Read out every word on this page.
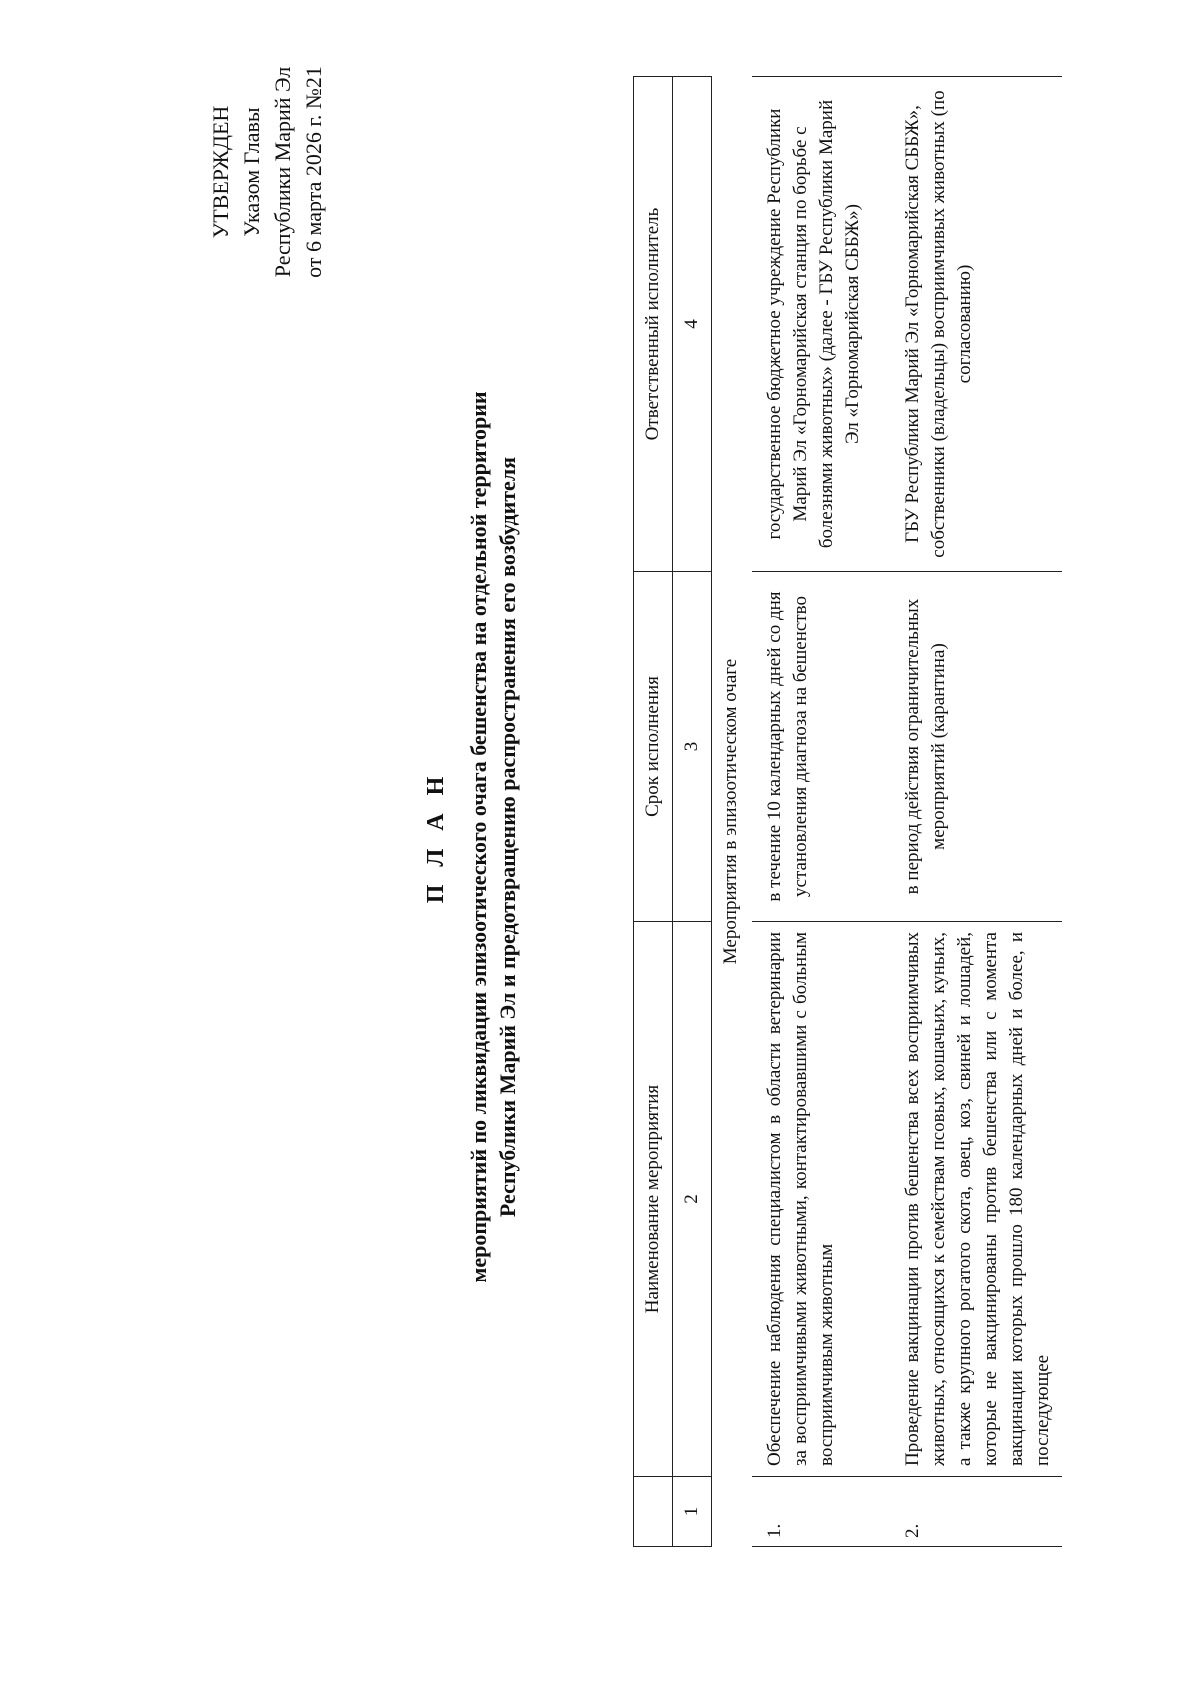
УТВЕРЖДЕН Указом Главы Республики Марий Эл от 6 марта 2026 г. №21

П Л А Н мероприятий по ликвидации эпизоотического очага бешенства на отдельной территории Республики Марий Эл и предотвращению распространения его возбудителя

		Наименование мероприятия	Срок исполнения	Ответственный исполнитель
1	2	3	4
Мероприятия в эпизоотическом очаге			
1.	Обеспечение наблюдения специалистом в области ветеринарии за восприимчивыми животными, контактировавшими с больным восприимчивым животным	в течение 10 календарных дней со дня установления диагноза на бешенство	государственное бюджетное учреждение Республики Марий Эл «Горномарийская станция по борьбе с болезнями животных» (далее - ГБУ Республики Марий Эл «Горномарийская СББЖ»)
2.	Проведение вакцинации против бешенства всех восприимчивых животных, относящихся к семействам псовых, кошачьих, куньих, а также крупного рогатого скота, овец, коз, свиней и лошадей, которые не вакцинированы против бешенства или с момента вакцинации которых прошло 180 календарных дней и более, и последующее	в период действия ограничительных мероприятий (карантина)	ГБУ Республики Марий Эл «Горномарийская СББЖ», собственники (владельцы) восприимчивых животных (по согласованию)
